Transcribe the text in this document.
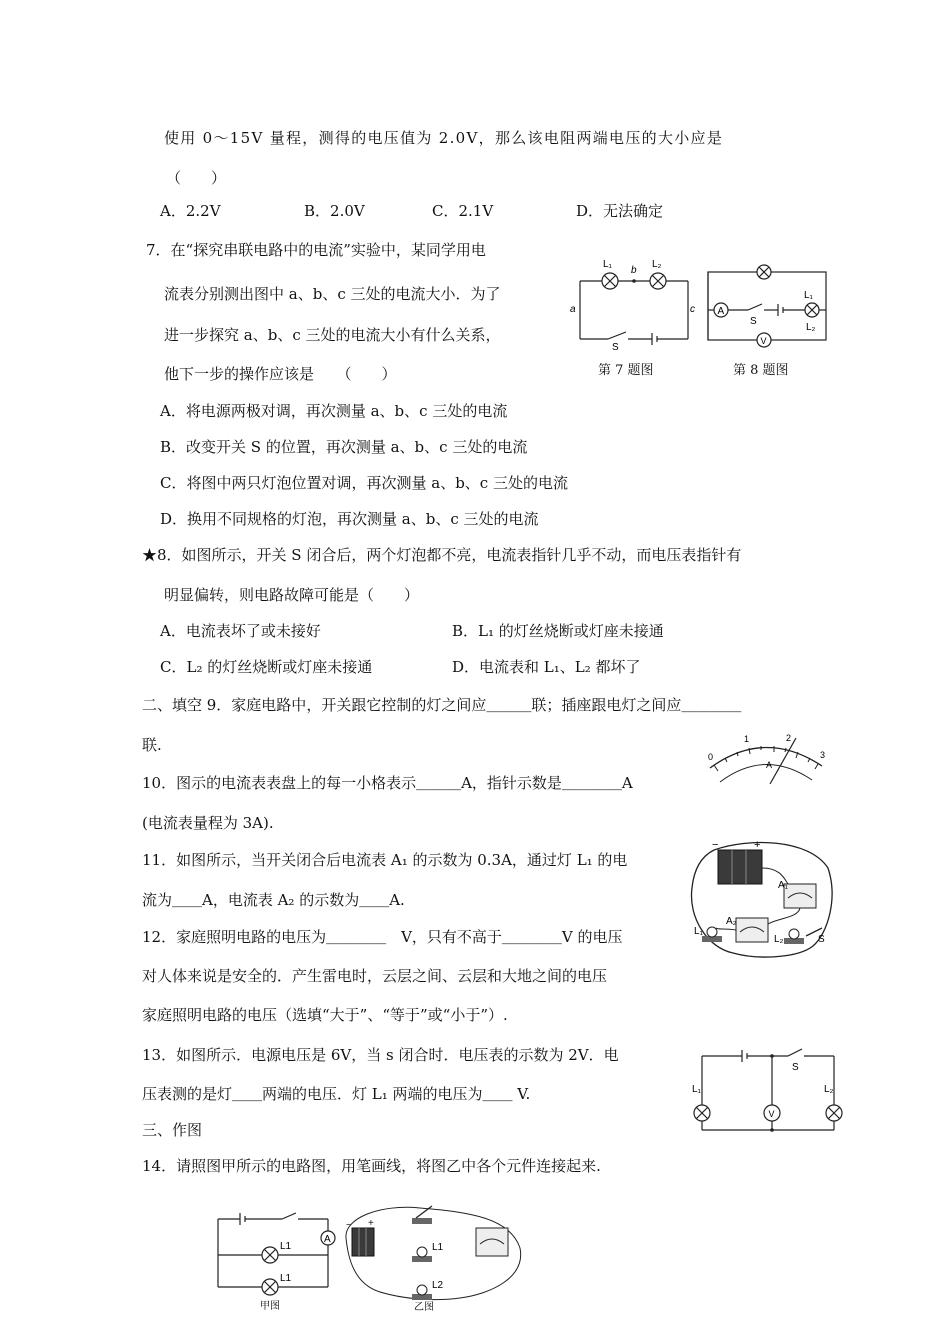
使用 0～15V 量程，测得的电压值为 2.0V，那么该电阻两端电压的大小应是
（　　）
A．2.2V	B．2.0V	C．2.1V	D．无法确定
7．在“探究串联电路中的电流”实验中，某同学用电
流表分别测出图中 a、b、c 三处的电流大小．为了
进一步探究 a、b、c 三处的电流大小有什么关系，
他下一步的操作应该是　　（　　）
A．将电源两极对调，再次测量 a、b、c 三处的电流
B．改变开关 S 的位置，再次测量 a、b、c 三处的电流
C．将图中两只灯泡位置对调，再次测量 a、b、c 三处的电流
D．换用不同规格的灯泡，再次测量 a、b、c 三处的电流
L₁	L₂
b
a	c
S
第 7 题图
A
V
S
L₁
L₂
第 8 题图
★8．如图所示，开关 S 闭合后，两个灯泡都不亮，电流表指针几乎不动，而电压表指针有
明显偏转，则电路故障可能是（　　）
A．电流表坏了或未接好	B．L₁ 的灯丝烧断或灯座未接通
C．L₂ 的灯丝烧断或灯座未接通	D．电流表和 L₁、L₂ 都坏了
二、填空 9．家庭电路中，开关跟它控制的灯之间应＿＿＿联；插座跟电灯之间应＿＿＿＿
联.
10．图示的电流表表盘上的每一小格表示＿＿＿A，指针示数是＿＿＿＿A
(电流表量程为 3A).
0
1	2
3
A
11．如图所示，当开关闭合后电流表 A₁ 的示数为 0.3A，通过灯 L₁ 的电
流为＿＿A，电流表 A₂ 的示数为＿＿A.
−	+
A₁
A₂
L₁
L₂	S
12．家庭照明电路的电压为＿＿＿＿　V，只有不高于＿＿＿＿V 的电压
对人体来说是安全的．产生雷电时，云层之间、云层和大地之间的电压
家庭照明电路的电压（选填“大于”、“等于”或“小于”）.
13．如图所示．电源电压是 6V，当 s 闭合时．电压表的示数为 2V．电
压表测的是灯＿＿两端的电压．灯 L₁ 两端的电压为＿＿ V.
V
S
L₁	L₂
三、作图
14．请照图甲所示的电路图，用笔画线，将图乙中各个元件连接起来.
A
L1
L1
甲图
− +
L1
L2
乙图
